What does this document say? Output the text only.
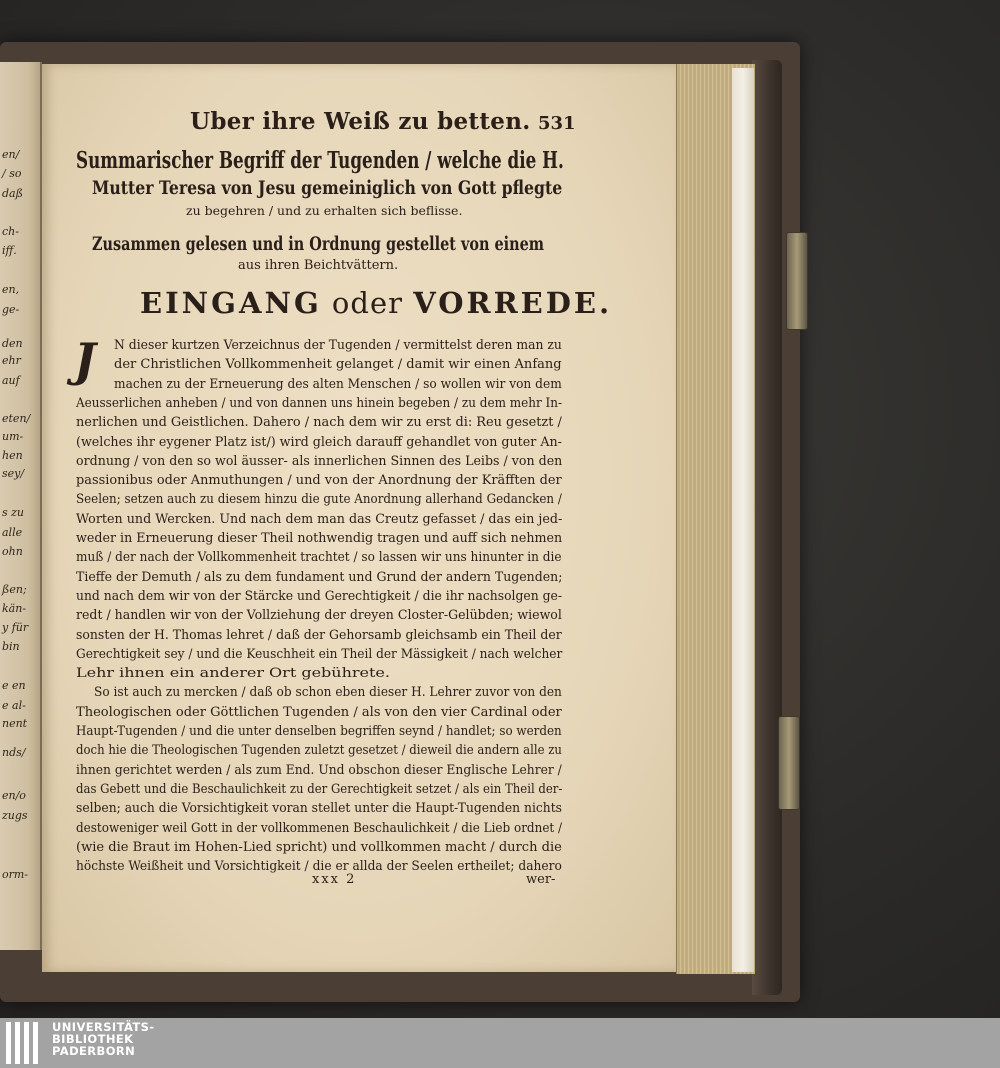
en/
/ so
daß
ch-
iff.
en,
ge-
den
ehr
auf
eten/
um-
hen
sey/
s zu
alle
ohn
ßen;
kän-
y für
bin
e en
e al-
nent
nds/
en/o
zugs
orm-
Uber ihre Weiß zu betten. 531
Summarischer Begriff der Tugenden / welche die H.
Mutter Teresa von Jesu gemeiniglich von Gott pflegte
zu begehren / und zu erhalten sich beflisse.
Zusammen gelesen und in Ordnung gestellet von einem
aus ihren Beichtvättern.
EINGANG oder VORREDE.
J	N dieser kurtzen Verzeichnus der Tugenden / vermittelst deren man zu
der Christlichen Vollkommenheit gelanget / damit wir einen Anfang
machen zu der Erneuerung des alten Menschen / so wollen wir von dem
Aeusserlichen anheben / und von dannen uns hinein begeben / zu dem mehr In-
nerlichen und Geistlichen. Dahero / nach dem wir zu erst di: Reu gesetzt /
(welches ihr eygener Platz ist/) wird gleich darauff gehandlet von guter An-
ordnung / von den so wol äusser- als innerlichen Sinnen des Leibs / von den
passionibus oder Anmuthungen / und von der Anordnung der Kräfften der
Seelen; setzen auch zu diesem hinzu die gute Anordnung allerhand Gedancken /
Worten und Wercken. Und nach dem man das Creutz gefasset / das ein jed-
weder in Erneuerung dieser Theil nothwendig tragen und auff sich nehmen
muß / der nach der Vollkommenheit trachtet / so lassen wir uns hinunter in die
Tieffe der Demuth / als zu dem fundament und Grund der andern Tugenden;
und nach dem wir von der Stärcke und Gerechtigkeit / die ihr nachsolgen ge-
redt / handlen wir von der Vollziehung der dreyen Closter-Gelübden; wiewol
sonsten der H. Thomas lehret / daß der Gehorsamb gleichsamb ein Theil der
Gerechtigkeit sey / und die Keuschheit ein Theil der Mässigkeit / nach welcher
Lehr ihnen ein anderer Ort gebührete.
So ist auch zu mercken / daß ob schon eben dieser H. Lehrer zuvor von den
Theologischen oder Göttlichen Tugenden / als von den vier Cardinal oder
Haupt-Tugenden / und die unter denselben begriffen seynd / handlet; so werden
doch hie die Theologischen Tugenden zuletzt gesetzet / dieweil die andern alle zu
ihnen gerichtet werden / als zum End. Und obschon dieser Englische Lehrer /
das Gebett und die Beschaulichkeit zu der Gerechtigkeit setzet / als ein Theil der-
selben; auch die Vorsichtigkeit voran stellet unter die Haupt-Tugenden nichts
destoweniger weil Gott in der vollkommenen Beschaulichkeit / die Lieb ordnet /
(wie die Braut im Hohen-Lied spricht) und vollkommen macht / durch die
höchste Weißheit und Vorsichtigkeit / die er allda der Seelen ertheilet; dahero
xxx 2	wer-
UNIVERSITÄTS-
BIBLIOTHEK
PADERBORN
